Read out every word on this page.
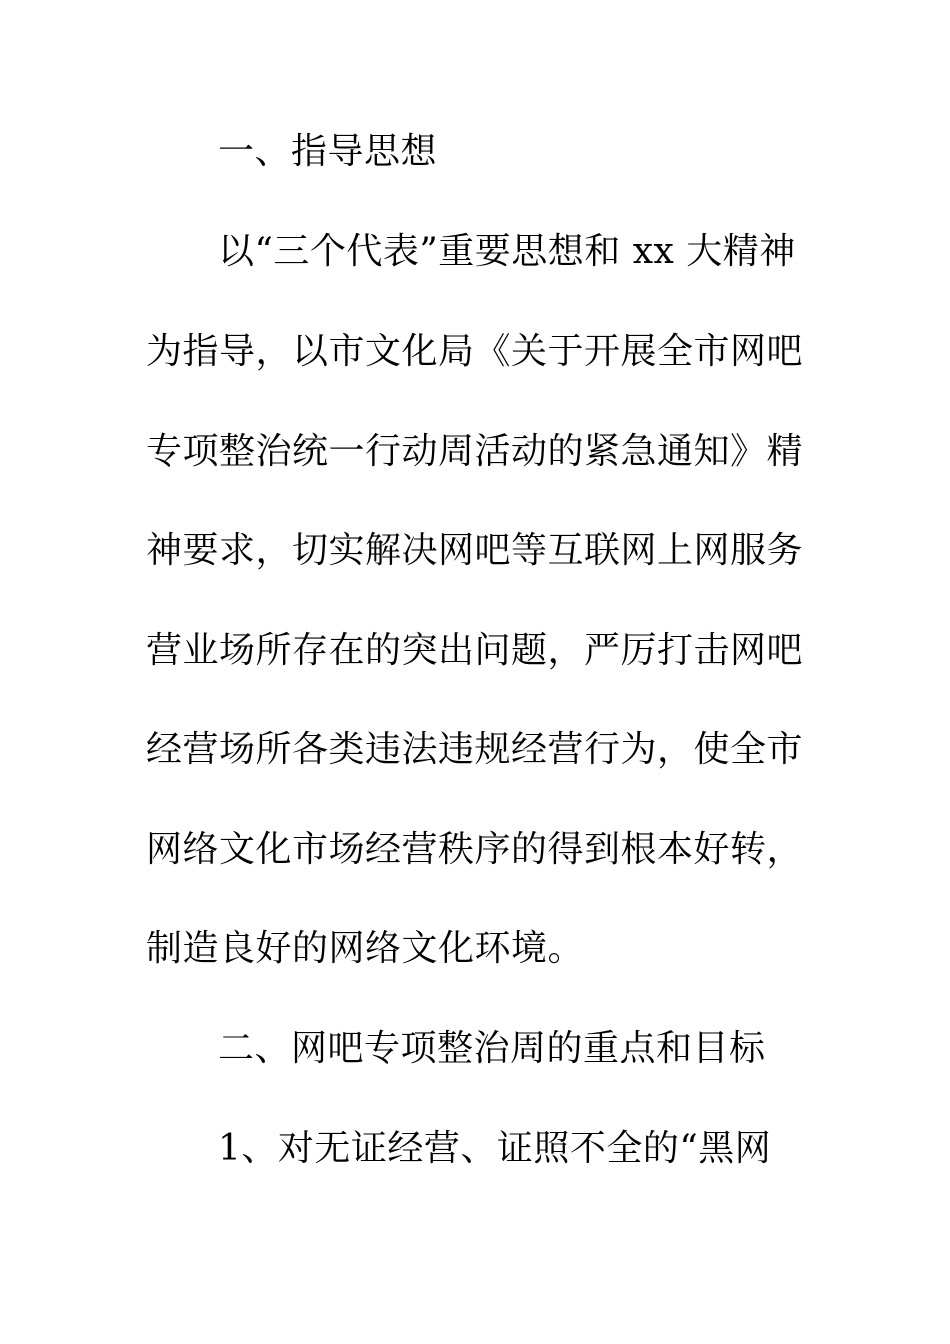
一、指导思想
以“三个代表”重要思想和 xx 大精神
为指导，以市文化局《关于开展全市网吧
专项整治统一行动周活动的紧急通知》精
神要求，切实解决网吧等互联网上网服务
营业场所存在的突出问题，严厉打击网吧
经营场所各类违法违规经营行为，使全市
网络文化市场经营秩序的得到根本好转，
制造良好的网络文化环境。
二、网吧专项整治周的重点和目标
1、对无证经营、证照不全的“黑网
